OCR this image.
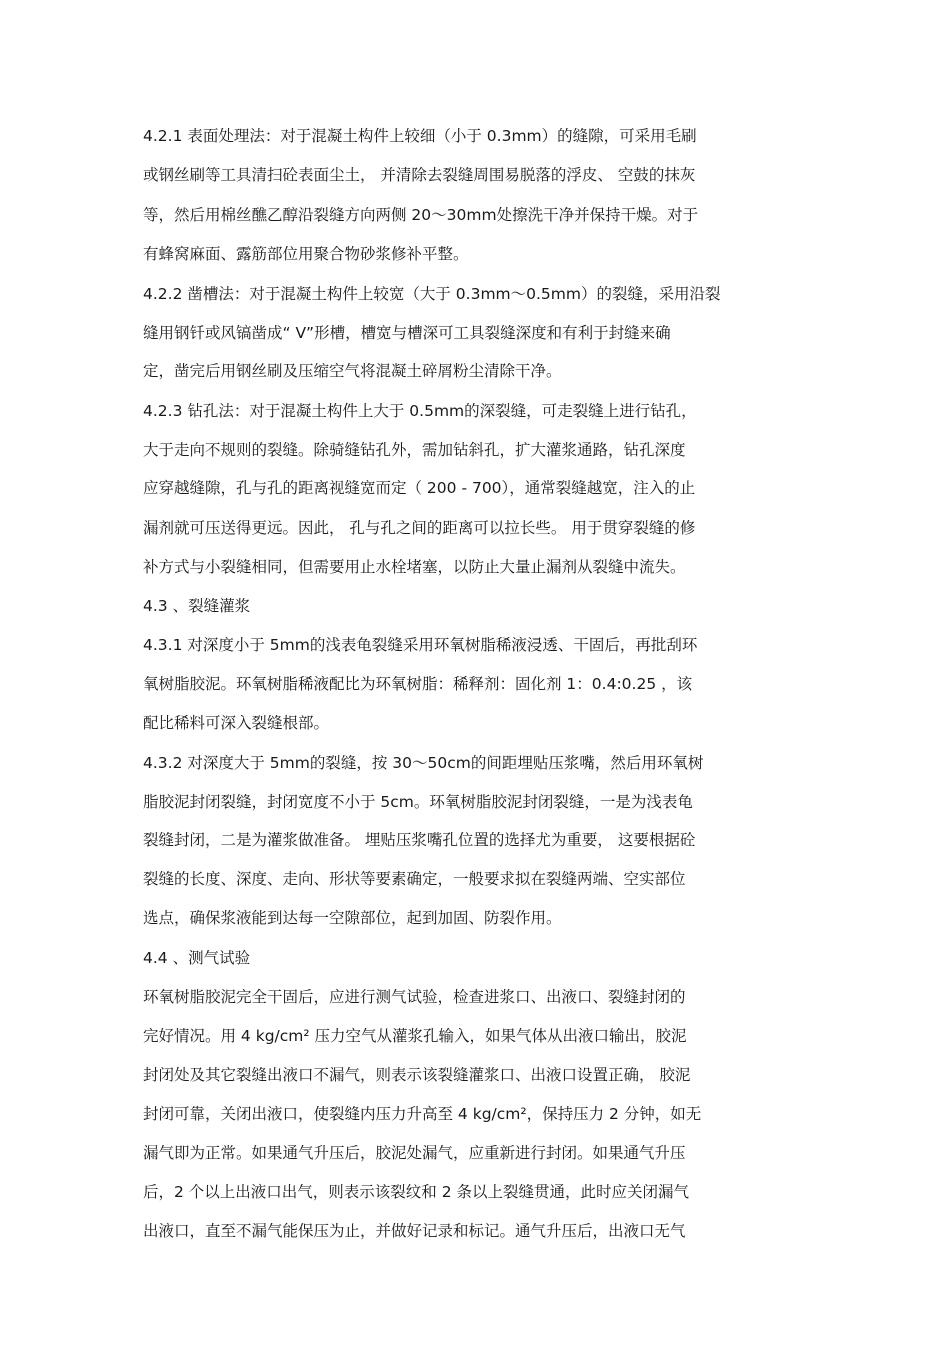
4.2.1 表面处理法：对于混凝土构件上较细（小于 0.3mm）的缝隙，可采用毛刷
或钢丝刷等工具清扫砼表面尘土， 并清除去裂缝周围易脱落的浮皮、 空鼓的抹灰
等，然后用棉丝醮乙醇沿裂缝方向两侧 20～30mm处擦洗干净并保持干燥。对于
有蜂窝麻面、露筋部位用聚合物砂浆修补平整。
4.2.2 凿槽法：对于混凝土构件上较宽（大于 0.3mm～0.5mm）的裂缝，采用沿裂
缝用钢钎或风镐凿成“ V”形槽，槽宽与槽深可工具裂缝深度和有利于封缝来确
定，凿完后用钢丝刷及压缩空气将混凝土碎屑粉尘清除干净。
4.2.3 钻孔法：对于混凝土构件上大于 0.5mm的深裂缝，可走裂缝上进行钻孔，
大于走向不规则的裂缝。除骑缝钻孔外，需加钻斜孔，扩大灌浆通路，钻孔深度
应穿越缝隙，孔与孔的距离视缝宽而定（ 200 - 700），通常裂缝越宽，注入的止
漏剂就可压送得更远。因此， 孔与孔之间的距离可以拉长些。 用于贯穿裂缝的修
补方式与小裂缝相同，但需要用止水栓堵塞，以防止大量止漏剂从裂缝中流失。
4.3 、裂缝灌浆
4.3.1 对深度小于 5mm的浅表龟裂缝采用环氧树脂稀液浸透、干固后，再批刮环
氧树脂胶泥。环氧树脂稀液配比为环氧树脂：稀释剂：固化剂 1：0.4:0.25 ，该
配比稀料可深入裂缝根部。
4.3.2 对深度大于 5mm的裂缝，按 30～50cm的间距埋贴压浆嘴，然后用环氧树
脂胶泥封闭裂缝，封闭宽度不小于 5cm。环氧树脂胶泥封闭裂缝，一是为浅表龟
裂缝封闭，二是为灌浆做准备。 埋贴压浆嘴孔位置的选择尤为重要， 这要根据砼
裂缝的长度、深度、走向、形状等要素确定，一般要求拟在裂缝两端、空实部位
选点，确保浆液能到达每一空隙部位，起到加固、防裂作用。
4.4 、测气试验
环氧树脂胶泥完全干固后，应进行测气试验，检查进浆口、出液口、裂缝封闭的
完好情况。用 4 kg/cm² 压力空气从灌浆孔输入，如果气体从出液口输出，胶泥
封闭处及其它裂缝出液口不漏气，则表示该裂缝灌浆口、出液口设置正确， 胶泥
封闭可靠，关闭出液口，使裂缝内压力升高至 4 kg/cm²，保持压力 2 分钟，如无
漏气即为正常。如果通气升压后，胶泥处漏气，应重新进行封闭。如果通气升压
后，2 个以上出液口出气，则表示该裂纹和 2 条以上裂缝贯通，此时应关闭漏气
出液口，直至不漏气能保压为止，并做好记录和标记。通气升压后，出液口无气
